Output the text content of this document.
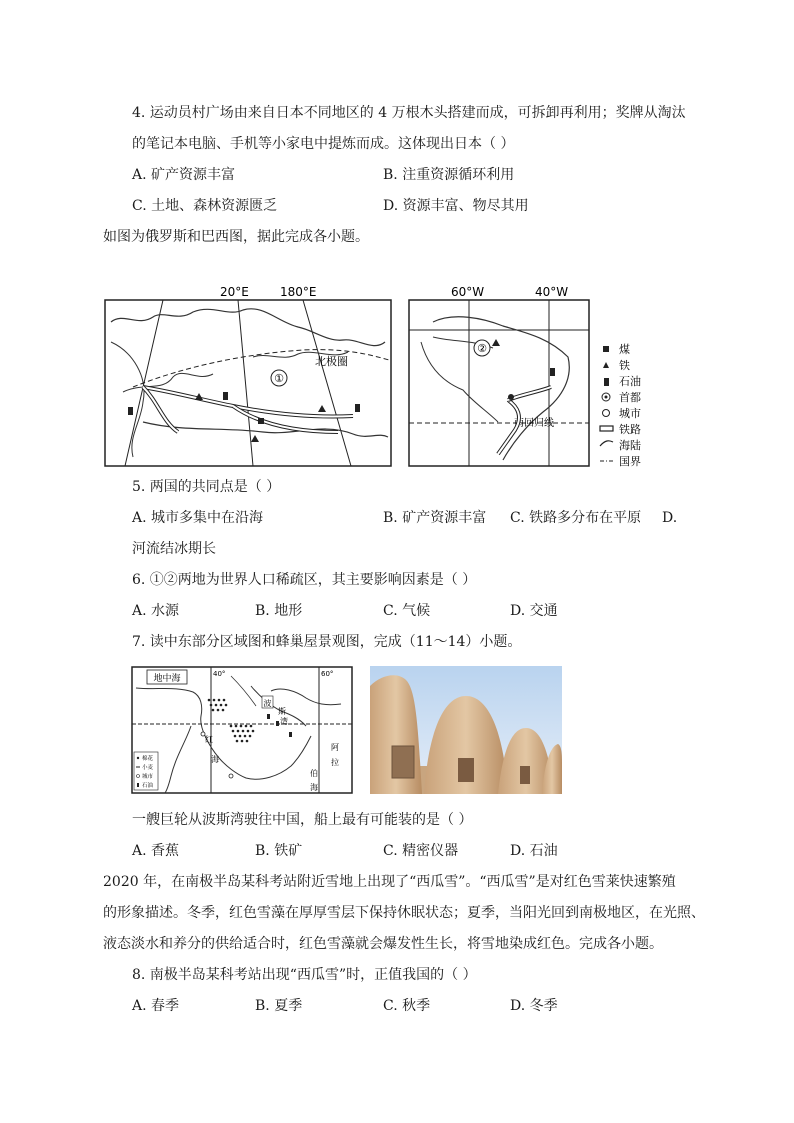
4. 运动员村广场由来自日本不同地区的 4 万根木头搭建而成，可拆卸再利用；奖牌从淘汰
的笔记本电脑、手机等小家电中提炼而成。这体现出日本（ ）
A. 矿产资源丰富	B. 注重资源循环利用
C. 土地、森林资源匮乏	D. 资源丰富、物尽其用
如图为俄罗斯和巴西图，据此完成各小题。
20°E	180°E
北极圈
①
60°W	40°W
南回归线
②	煤
铁
石油
首都
城市
铁路
海陆
国界
5. 两国的共同点是（ ）
A. 城市多集中在沿海	B. 矿产资源丰富 C. 铁路多分布在平原 D.
河流结冰期长
6. ①②两地为世界人口稀疏区，其主要影响因素是（ ）
A. 水源	B. 地形	C. 气候	D. 交通
7. 读中东部分区域图和蜂巢屋景观图，完成（11～14）小题。
40°	60°
地中海
波
斯
湾
红
海
阿
拉
伯
海
棉花
小麦
城市
石油
一艘巨轮从波斯湾驶往中国，船上最有可能装的是（ ）
A. 香蕉	B. 铁矿	C. 精密仪器	D. 石油
2020 年，在南极半岛某科考站附近雪地上出现了“西瓜雪”。“西瓜雪”是对红色雪莱快速繁殖
的形象描述。冬季，红色雪藻在厚厚雪层下保持休眠状态；夏季，当阳光回到南极地区，在光照、
液态淡水和养分的供给适合时，红色雪藻就会爆发性生长，将雪地染成红色。完成各小题。
8. 南极半岛某科考站出现“西瓜雪”时，正值我国的（ ）
A. 春季	B. 夏季	C. 秋季	D. 冬季
